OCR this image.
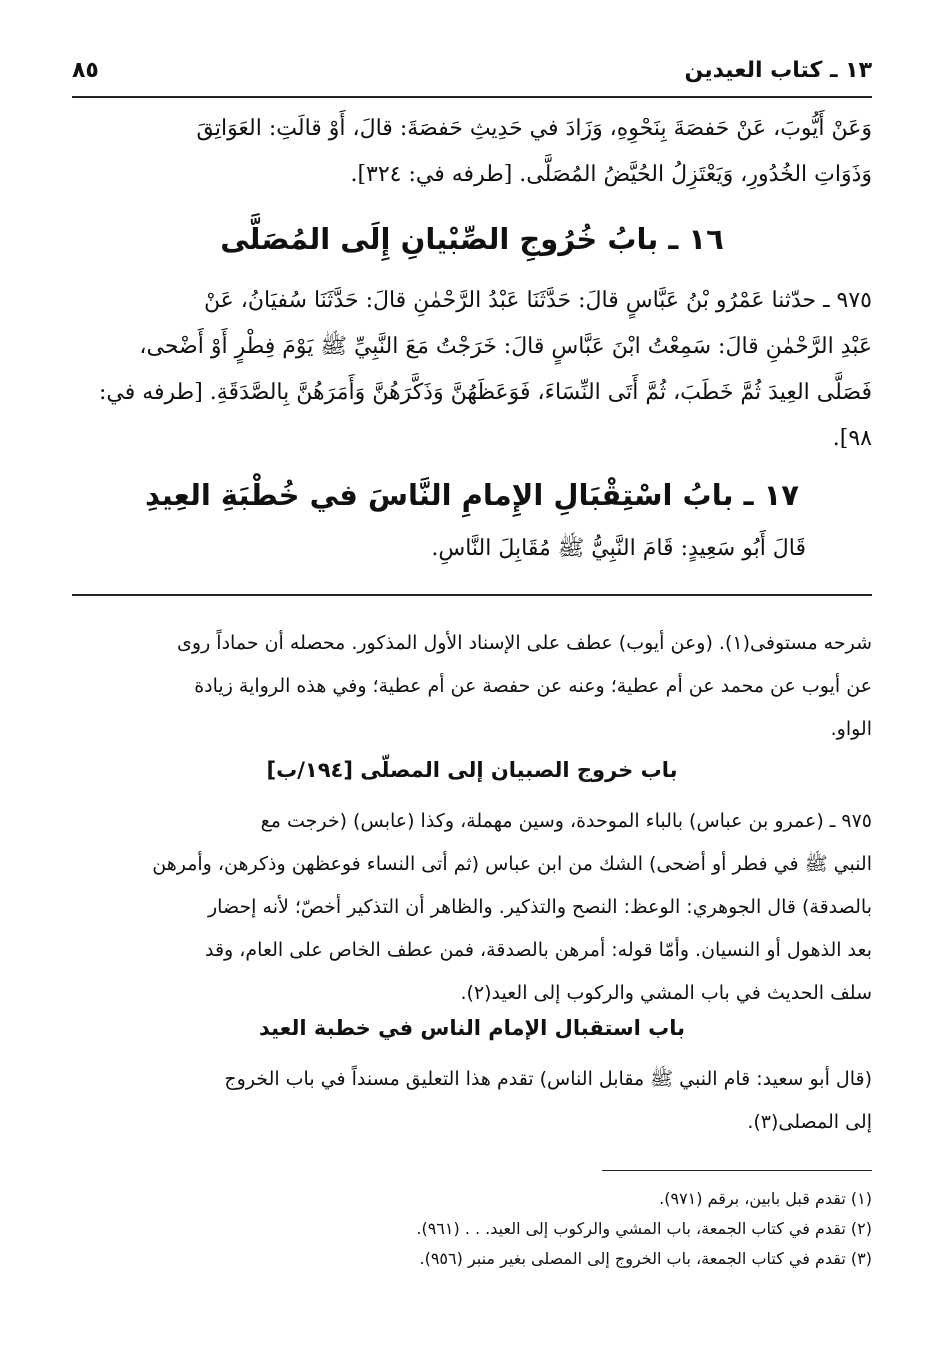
١٣ ـ كتاب العيدين
٨٥
وَعَنْ أَيُّوبَ، عَنْ حَفصَةَ بِنَحْوِهِ، وَزَادَ في حَدِيثِ حَفصَةَ: قالَ، أَوْ قالَتِ: العَوَاتِقَ
وَذَوَاتِ الخُدُورِ، وَيَعْتَزِلُ الحُيَّضُ المُصَلَّى. [طرفه في: ٣٢٤].
١٦ ـ بابُ خُرُوجِ الصِّبْيانِ إِلَى المُصَلَّى
٩٧٥ ـ حدّثنا عَمْرُو بْنُ عَبَّاسٍ قالَ: حَدَّثَنَا عَبْدُ الرَّحْمٰنِ قالَ: حَدَّثَنَا سُفيَانُ، عَنْ
عَبْدِ الرَّحْمٰنِ قالَ: سَمِعْتُ ابْنَ عَبَّاسٍ قالَ: خَرَجْتُ مَعَ النَّبِيِّ ﷺ يَوْمَ فِطْرٍ أَوْ أَضْحى،
فَصَلَّى العِيدَ ثُمَّ خَطَبَ، ثُمَّ أَتَى النِّسَاءَ، فَوَعَظَهُنَّ وَذَكَّرَهُنَّ وَأَمَرَهُنَّ بِالصَّدَقَةِ. [طرفه في:
٩٨].
١٧ ـ بابُ اسْتِقْبَالِ الإِمامِ النَّاسَ في خُطْبَةِ العِيدِ
قَالَ أَبُو سَعِيدٍ: قَامَ النَّبِيُّ ﷺ مُقَابِلَ النَّاسِ.
شرحه مستوفى(١). (وعن أيوب) عطف على الإسناد الأول المذكور. محصله أن حماداً روى
عن أيوب عن محمد عن أم عطية؛ وعنه عن حفصة عن أم عطية؛ وفي هذه الرواية زيادة
الواو.
باب خروج الصبيان إلى المصلّى [١٩٤/ب]
٩٧٥ ـ (عمرو بن عباس) بالباء الموحدة، وسين مهملة، وكذا (عابس) (خرجت مع
النبي ﷺ في فطر أو أضحى) الشك من ابن عباس (ثم أتى النساء فوعظهن وذكرهن، وأمرهن
بالصدقة) قال الجوهري: الوعظ: النصح والتذكير. والظاهر أن التذكير أخصّ؛ لأنه إحضار
بعد الذهول أو النسيان. وأمّا قوله: أمرهن بالصدقة، فمن عطف الخاص على العام، وقد
سلف الحديث في باب المشي والركوب إلى العيد(٢).
باب استقبال الإمام الناس في خطبة العيد
(قال أبو سعيد: قام النبي ﷺ مقابل الناس) تقدم هذا التعليق مسنداً في باب الخروج
إلى المصلى(٣).
(١) تقدم قبل بابين، برقم (٩٧١).
(٢) تقدم في كتاب الجمعة، باب المشي والركوب إلى العيد. . . (٩٦١).
(٣) تقدم في كتاب الجمعة، باب الخروج إلى المصلى بغير منبر (٩٥٦).
